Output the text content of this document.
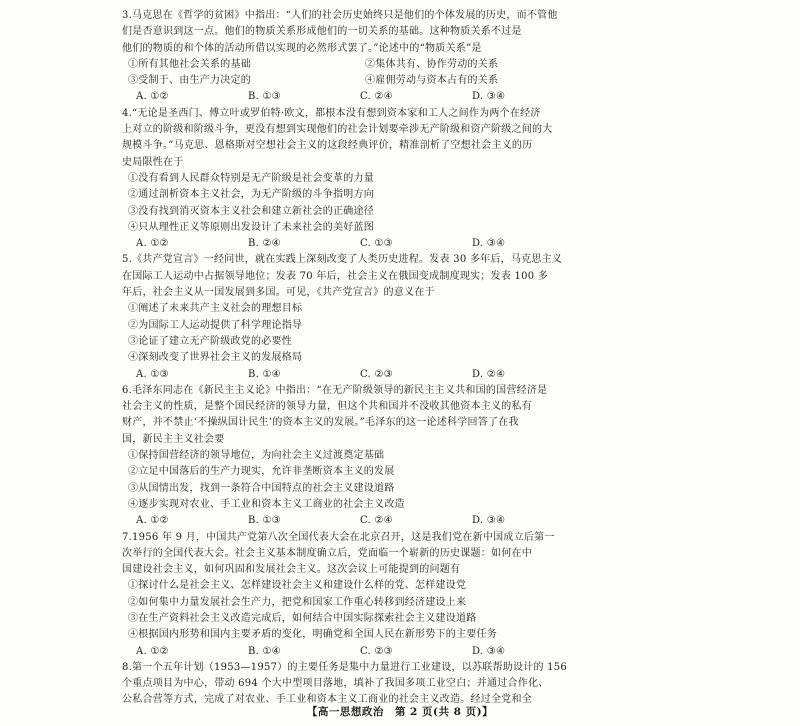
3.马克思在《哲学的贫困》中指出：“人们的社会历史始终只是他们的个体发展的历史，而不管他
们是否意识到这一点。他们的物质关系形成他们的一切关系的基础。这种物质关系不过是
他们的物质的和个体的活动所借以实现的必然形式罢了。”论述中的“物质关系”是
①所有其他社会关系的基础	②集体共有、协作劳动的关系
③受制于、由生产力决定的	④雇佣劳动与资本占有的关系
A. ①②	B. ①③	C. ②④	D. ③④
4.“无论是圣西门、傅立叶或罗伯特·欧文，都根本没有想到资本家和工人之间作为两个在经济
上对立的阶级和阶级斗争，更没有想到实现他们的社会计划要牵涉无产阶级和资产阶级之间的大
规模斗争。”马克思、恩格斯对空想社会主义的这段经典评价，精准剖析了空想社会主义的历
史局限性在于
①没有看到人民群众特别是无产阶级是社会变革的力量
②通过剖析资本主义社会，为无产阶级的斗争指明方向
③没有找到消灭资本主义社会和建立新社会的正确途径
④只从理性正义等原则出发设计了未来社会的美好蓝图
A. ①②	B. ②④	C. ①③	D. ③④
5.《共产党宣言》一经问世，就在实践上深刻改变了人类历史进程。发表 30 多年后，马克思主义
在国际工人运动中占据领导地位；发表 70 年后，社会主义在俄国变成制度现实；发表 100 多
年后，社会主义从一国发展到多国。可见，《共产党宣言》的意义在于
①阐述了未来共产主义社会的理想目标
②为国际工人运动提供了科学理论指导
③论证了建立无产阶级政党的必要性
④深刻改变了世界社会主义的发展格局
A. ①③	B. ①④	C. ②③	D. ②④
6.毛泽东同志在《新民主主义论》中指出：“在无产阶级领导的新民主主义共和国的国营经济是
社会主义的性质，是整个国民经济的领导力量，但这个共和国并不没收其他资本主义的私有
财产，并不禁止‘不操纵国计民生’的资本主义的发展。”毛泽东的这一论述科学回答了在我
国，新民主主义社会要
①保持国营经济的领导地位，为向社会主义过渡奠定基础
②立足中国落后的生产力现实，允许非垄断资本主义的发展
③从国情出发，找到一条符合中国特点的社会主义建设道路
④逐步实现对农业、手工业和资本主义工商业的社会主义改造
A. ①②	B. ①③	C. ②④	D. ③④
7.1956 年 9 月，中国共产党第八次全国代表大会在北京召开，这是我们党在新中国成立后第一
次举行的全国代表大会。社会主义基本制度确立后，党面临一个崭新的历史课题：如何在中
国建设社会主义，如何巩固和发展社会主义。这次会议上可能提到的问题有
①探讨什么是社会主义、怎样建设社会主义和建设什么样的党、怎样建设党
②如何集中力量发展社会生产力，把党和国家工作重心转移到经济建设上来
③在生产资料社会主义改造完成后，如何结合中国实际探索社会主义建设道路
④根据国内形势和国内主要矛盾的变化，明确党和全国人民在新形势下的主要任务
A. ①②	B. ①④	C. ②③	D. ③④
8.第一个五年计划（1953—1957）的主要任务是集中力量进行工业建设，以苏联帮助设计的 156
个重点项目为中心，带动 694 个大中型项目落地，填补了我国多项工业空白；并通过合作化、
公私合营等方式，完成了对农业、手工业和资本主义工商业的社会主义改造。经过全党和全
【高一思想政治　第 2 页(共 8 页)】
